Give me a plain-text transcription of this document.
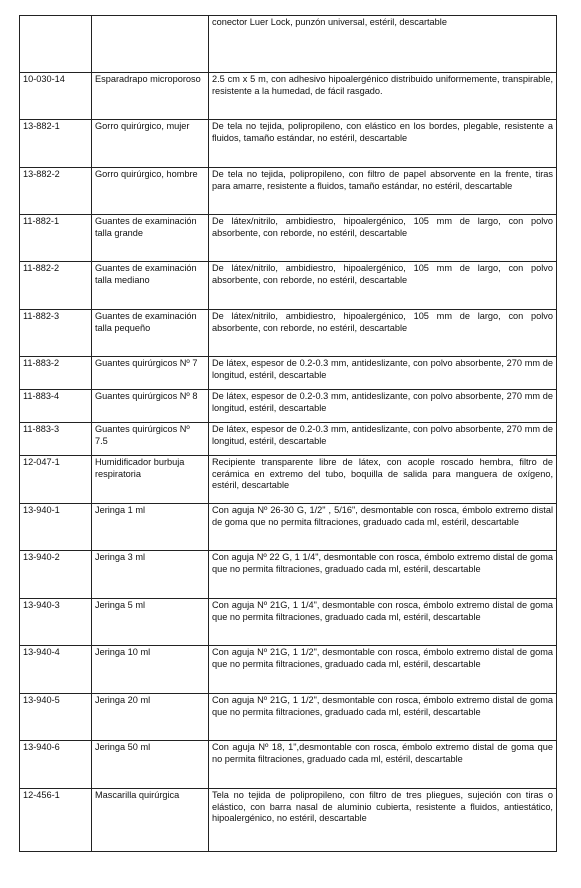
		conector Luer Lock, punzón universal, estéril, descartable
10-030-14	Esparadrapo microporoso	2.5 cm x 5 m, con adhesivo hipoalergénico distribuido uniformemente, transpirable, resistente a la humedad, de fácil rasgado.
13-882-1	Gorro quirúrgico, mujer	De tela no tejida, polipropileno, con elástico en los bordes, plegable, resistente a fluidos, tamaño estándar, no estéril, descartable
13-882-2	Gorro quirúrgico, hombre	De tela no tejida, polipropileno, con filtro de papel absorvente en la frente, tiras para amarre, resistente a fluidos, tamaño estándar, no estéril, descartable
11-882-1	Guantes de examinación talla grande	De látex/nitrilo, ambidiestro, hipoalergénico, 105 mm de largo, con polvo absorbente, con reborde, no estéril, descartable
11-882-2	Guantes de examinación talla mediano	De látex/nitrilo, ambidiestro, hipoalergénico, 105 mm de largo, con polvo absorbente, con reborde, no estéril, descartable
11-882-3	Guantes de examinación talla pequeño	De látex/nitrilo, ambidiestro, hipoalergénico, 105 mm de largo, con polvo absorbente, con reborde, no estéril, descartable
11-883-2	Guantes quirúrgicos Nº 7	De látex, espesor de 0.2-0.3 mm, antideslizante, con polvo absorbente, 270 mm de longitud, estéril, descartable
11-883-4	Guantes quirúrgicos Nº 8	De látex, espesor de 0.2-0.3 mm, antideslizante, con polvo absorbente, 270 mm de longitud, estéril, descartable
11-883-3	Guantes quirúrgicos Nº 7.5	De látex, espesor de 0.2-0.3 mm, antideslizante, con polvo absorbente, 270 mm de longitud, estéril, descartable
12-047-1	Humidificador burbuja respiratoria	Recipiente transparente libre de látex, con acople roscado hembra, filtro de cerámica en extremo del tubo, boquilla de salida para manguera de oxígeno, estéril, descartable
13-940-1	Jeringa 1 ml	Con aguja Nº 26-30 G, 1/2" , 5/16", desmontable con rosca, émbolo extremo distal de goma que no permita filtraciones, graduado cada ml, estéril, descartable
13-940-2	Jeringa 3 ml	Con aguja Nº 22 G, 1 1/4", desmontable con rosca, émbolo extremo distal de goma que no permita filtraciones, graduado cada ml, estéril, descartable
13-940-3	Jeringa 5 ml	Con aguja Nº 21G, 1 1/4", desmontable con rosca, émbolo extremo distal de goma que no permita filtraciones, graduado cada ml, estéril, descartable
13-940-4	Jeringa 10 ml	Con aguja Nº 21G, 1 1/2", desmontable con rosca, émbolo extremo distal de goma que no permita filtraciones, graduado cada ml, estéril, descartable
13-940-5	Jeringa 20 ml	Con aguja Nº 21G, 1 1/2", desmontable con rosca, émbolo extremo distal de goma que no permita filtraciones, graduado cada ml, estéril, descartable
13-940-6	Jeringa 50 ml	Con aguja Nº 18, 1",desmontable con rosca, émbolo extremo distal de goma que no permita filtraciones, graduado cada ml, estéril, descartable
12-456-1	Mascarilla quirúrgica	Tela no tejida de polipropileno, con filtro de tres pliegues, sujeción con tiras o elástico, con barra nasal de aluminio cubierta, resistente a fluidos, antiestático, hipoalergénico, no estéril, descartable
